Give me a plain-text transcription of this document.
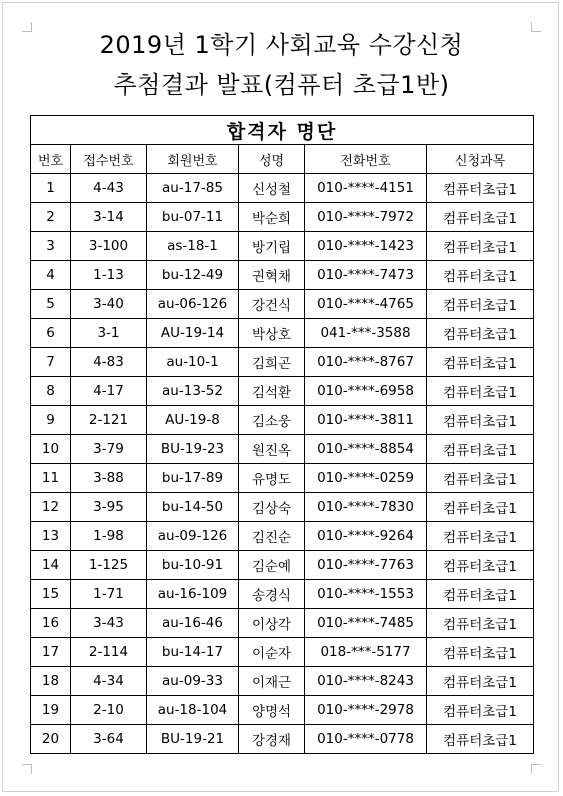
2019년 1학기 사회교육 수강신청
추첨결과 발표(컴퓨터 초급1반)
합격자 명단					
번호	접수번호	회원번호	성명	전화번호	신청과목
1	4-43	au-17-85	신성철	010-****-4151	컴퓨터초급1
2	3-14	bu-07-11	박순희	010-****-7972	컴퓨터초급1
3	3-100	as-18-1	방기립	010-****-1423	컴퓨터초급1
4	1-13	bu-12-49	권혁채	010-****-7473	컴퓨터초급1
5	3-40	au-06-126	강건식	010-****-4765	컴퓨터초급1
6	3-1	AU-19-14	박상호	041-***-3588	컴퓨터초급1
7	4-83	au-10-1	김희곤	010-****-8767	컴퓨터초급1
8	4-17	au-13-52	김석환	010-****-6958	컴퓨터초급1
9	2-121	AU-19-8	김소웅	010-****-3811	컴퓨터초급1
10	3-79	BU-19-23	원진옥	010-****-8854	컴퓨터초급1
11	3-88	bu-17-89	유명도	010-****-0259	컴퓨터초급1
12	3-95	bu-14-50	김상숙	010-****-7830	컴퓨터초급1
13	1-98	au-09-126	김진순	010-****-9264	컴퓨터초급1
14	1-125	bu-10-91	김순예	010-****-7763	컴퓨터초급1
15	1-71	au-16-109	송경식	010-****-1553	컴퓨터초급1
16	3-43	au-16-46	이상각	010-****-7485	컴퓨터초급1
17	2-114	bu-14-17	이순자	018-***-5177	컴퓨터초급1
18	4-34	au-09-33	이재근	010-****-8243	컴퓨터초급1
19	2-10	au-18-104	양명석	010-****-2978	컴퓨터초급1
20	3-64	BU-19-21	강경재	010-****-0778	컴퓨터초급1
